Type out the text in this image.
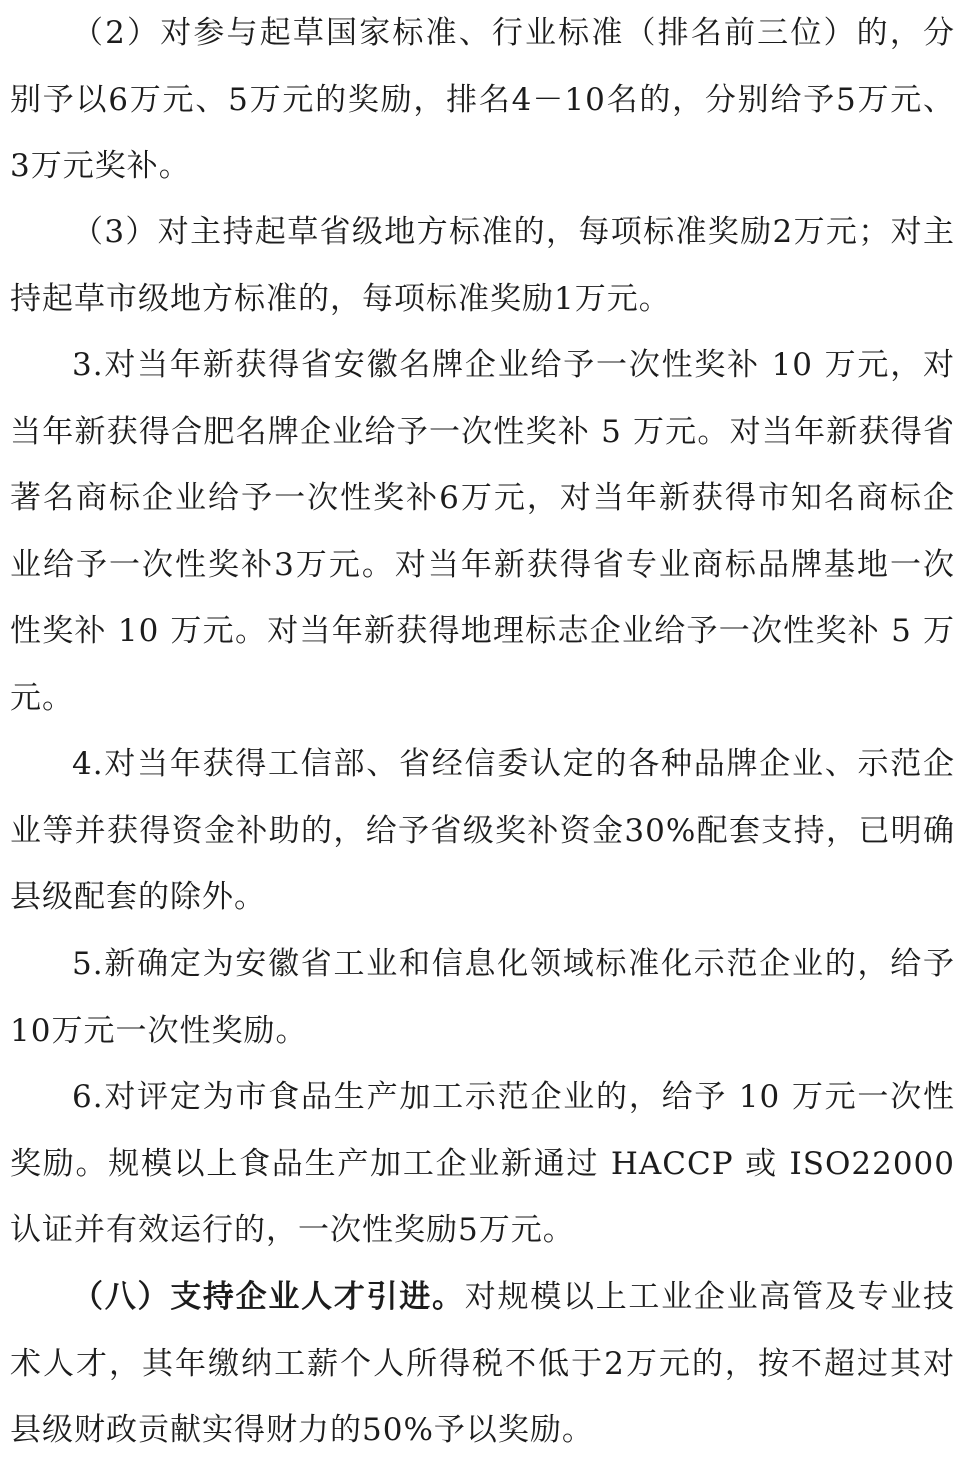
（2）对参与起草国家标准、行业标准（排名前三位）的，分别予以6万元、5万元的奖励，排名4－10名的，分别给予5万元、3万元奖补。

（3）对主持起草省级地方标准的，每项标准奖励2万元；对主持起草市级地方标准的，每项标准奖励1万元。

3.对当年新获得省安徽名牌企业给予一次性奖补 10 万元，对当年新获得合肥名牌企业给予一次性奖补 5 万元。对当年新获得省著名商标企业给予一次性奖补6万元，对当年新获得市知名商标企业给予一次性奖补3万元。对当年新获得省专业商标品牌基地一次性奖补 10 万元。对当年新获得地理标志企业给予一次性奖补 5 万元。

4.对当年获得工信部、省经信委认定的各种品牌企业、示范企业等并获得资金补助的，给予省级奖补资金30%配套支持，已明确县级配套的除外。

5.新确定为安徽省工业和信息化领域标准化示范企业的，给予10万元一次性奖励。

6.对评定为市食品生产加工示范企业的，给予 10 万元一次性奖励。规模以上食品生产加工企业新通过 HACCP 或 ISO22000 认证并有效运行的，一次性奖励5万元。

（八）支持企业人才引进。对规模以上工业企业高管及专业技术人才，其年缴纳工薪个人所得税不低于2万元的，按不超过其对县级财政贡献实得财力的50%予以奖励。
